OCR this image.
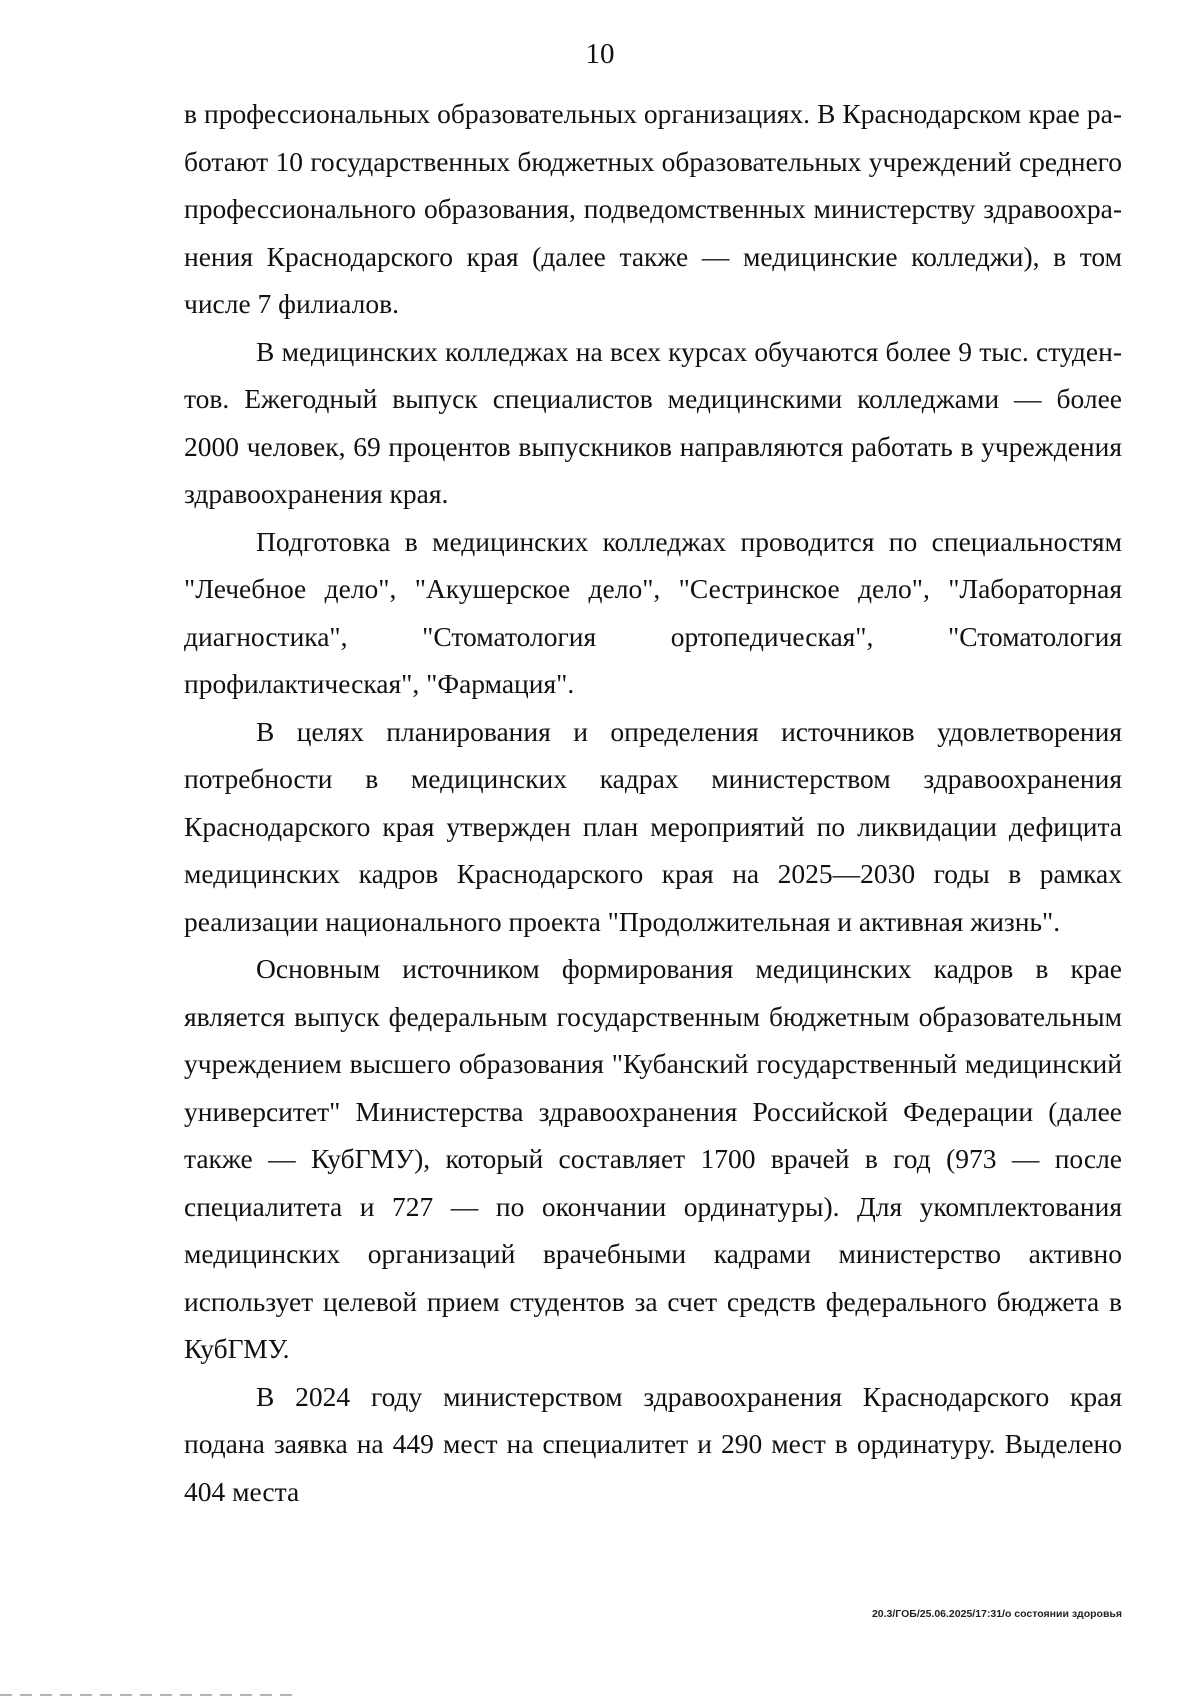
10

в профессиональных образовательных организациях. В Краснодарском крае работают 10 государственных бюджетных образовательных учреждений среднего профессионального образования, подведомственных министерству здравоохранения Краснодарского края (далее также — медицинские колледжи), в том числе 7 филиалов.

В медицинских колледжах на всех курсах обучаются более 9 тыс. студентов. Ежегодный выпуск специалистов медицинскими колледжами — более 2000 человек, 69 процентов выпускников направляются работать в учреждения здравоохранения края.

Подготовка в медицинских колледжах проводится по специальностям "Лечебное дело", "Акушерское дело", "Сестринское дело", "Лабораторная диагностика", "Стоматология ортопедическая", "Стоматология профилактическая", "Фармация".

В целях планирования и определения источников удовлетворения потребности в медицинских кадрах министерством здравоохранения Краснодарского края утвержден план мероприятий по ликвидации дефицита медицинских кадров Краснодарского края на 2025—2030 годы в рамках реализации национального проекта "Продолжительная и активная жизнь".

Основным источником формирования медицинских кадров в крае является выпуск федеральным государственным бюджетным образовательным учреждением высшего образования "Кубанский государственный медицинский университет" Министерства здравоохранения Российской Федерации (далее также — КубГМУ), который составляет 1700 врачей в год (973 — после специалитета и 727 — по окончании ординатуры). Для укомплектования медицинских организаций врачебными кадрами министерство активно использует целевой прием студентов за счет средств федерального бюджета в КубГМУ.

В 2024 году министерством здравоохранения Краснодарского края подана заявка на 449 мест на специалитет и 290 мест в ординатуру. Выделено 404 места

20.3/ГОБ/25.06.2025/17:31/о состоянии здоровья
